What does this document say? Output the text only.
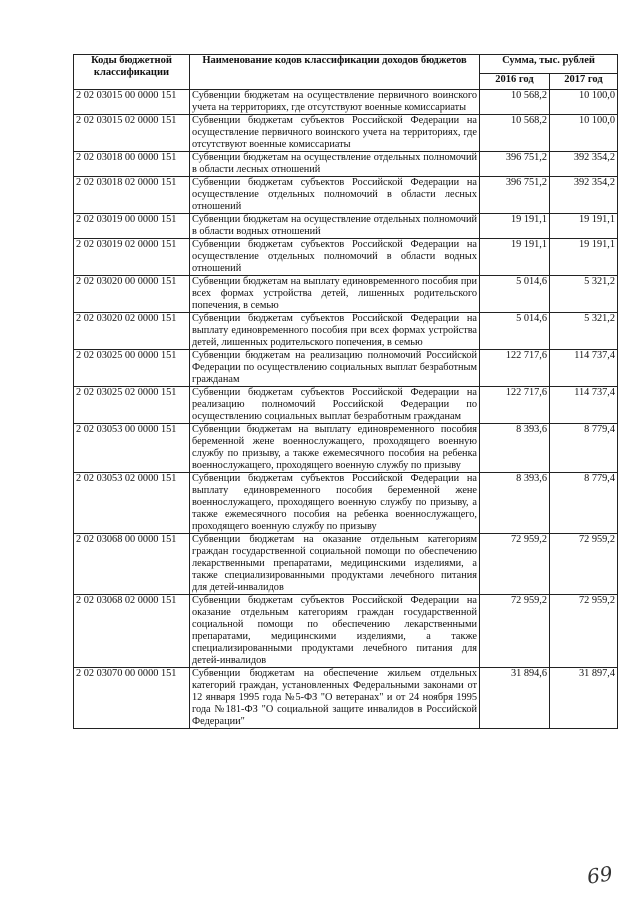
Коды бюджетной классификации	Наименование кодов классификации доходов бюджетов	Сумма, тыс. рублей	
		2016 год	2017 год
2 02 03015 00 0000 151	Субвенции бюджетам на осуществление первичного воинского учета на территориях, где отсутствуют военные комиссариаты	10 568,2	10 100,0
2 02 03015 02 0000 151	Субвенции бюджетам субъектов Российской Федерации на осуществление первичного воинского учета на территориях, где отсутствуют военные комиссариаты	10 568,2	10 100,0
2 02 03018 00 0000 151	Субвенции бюджетам на осуществление отдельных полномочий в области лесных отношений	396 751,2	392 354,2
2 02 03018 02 0000 151	Субвенции бюджетам субъектов Российской Федерации на осуществление отдельных полномочий в области лесных отношений	396 751,2	392 354,2
2 02 03019 00 0000 151	Субвенции бюджетам на осуществление отдельных полномочий в области водных отношений	19 191,1	19 191,1
2 02 03019 02 0000 151	Субвенции бюджетам субъектов Российской Федерации на осуществление отдельных полномочий в области водных отношений	19 191,1	19 191,1
2 02 03020 00 0000 151	Субвенции бюджетам на выплату единовременного пособия при всех формах устройства детей, лишенных родительского попечения, в семью	5 014,6	5 321,2
2 02 03020 02 0000 151	Субвенции бюджетам субъектов Российской Федерации на выплату единовременного пособия при всех формах устройства детей, лишенных родительского попечения, в семью	5 014,6	5 321,2
2 02 03025 00 0000 151	Субвенции бюджетам на реализацию полномочий Российской Федерации по осуществлению социальных выплат безработным гражданам	122 717,6	114 737,4
2 02 03025 02 0000 151	Субвенции бюджетам субъектов Российской Федерации на реализацию полномочий Российской Федерации по осуществлению социальных выплат безработным гражданам	122 717,6	114 737,4
2 02 03053 00 0000 151	Субвенции бюджетам на выплату единовременного пособия беременной жене военнослужащего, проходящего военную службу по призыву, а также ежемесячного пособия на ребенка военнослужащего, проходящего военную службу по призыву	8 393,6	8 779,4
2 02 03053 02 0000 151	Субвенции бюджетам субъектов Российской Федерации на выплату единовременного пособия беременной жене военнослужащего, проходящего военную службу по призыву, а также ежемесячного пособия на ребенка военнослужащего, проходящего военную службу по призыву	8 393,6	8 779,4
2 02 03068 00 0000 151	Субвенции бюджетам на оказание отдельным категориям граждан государственной социальной помощи по обеспечению лекарственными препаратами, медицинскими изделиями, а также специализированными продуктами лечебного питания для детей-инвалидов	72 959,2	72 959,2
2 02 03068 02 0000 151	Субвенции бюджетам субъектов Российской Федерации на оказание отдельным категориям граждан государственной социальной помощи по обеспечению лекарственными препаратами, медицинскими изделиями, а также специализированными продуктами лечебного питания для детей-инвалидов	72 959,2	72 959,2
2 02 03070 00 0000 151	Субвенции бюджетам на обеспечение жильем отдельных категорий граждан, установленных Федеральными законами от 12 января 1995 года №5-ФЗ "О ветеранах" и от 24 ноября 1995 года №181-ФЗ "О социальной защите инвалидов в Российской Федерации"	31 894,6	31 897,4
69
